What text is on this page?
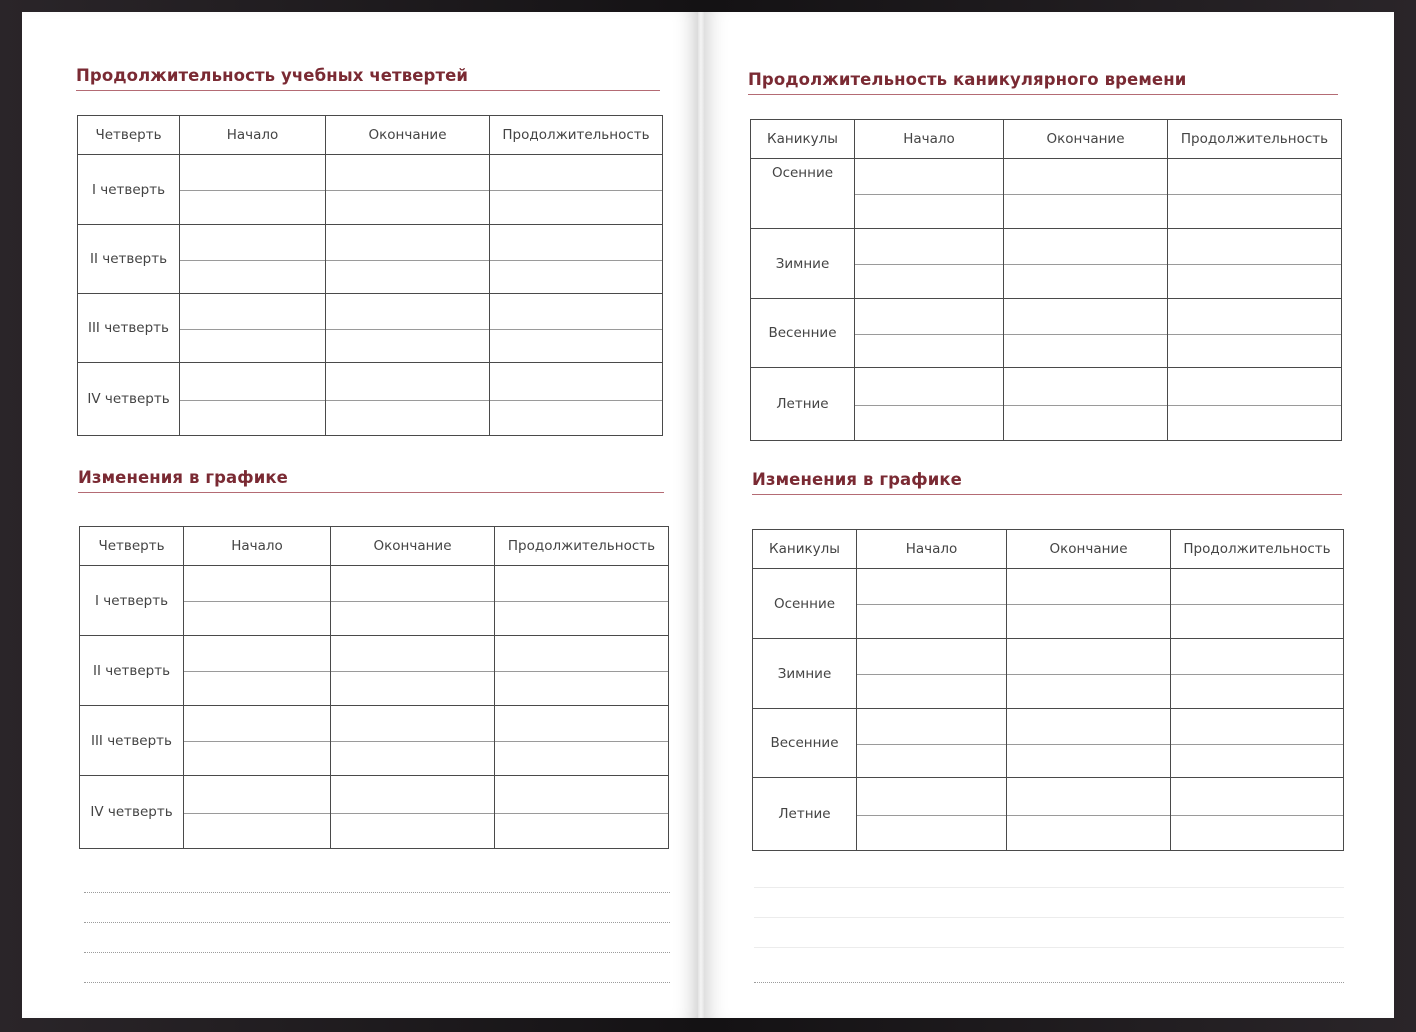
Продолжительность учебных четвертей
Четверть	Начало	Окончание	Продолжительность
I четверть			
II четверть			
III четверть			
IV четверть			
Изменения в графике
Четверть	Начало	Окончание	Продолжительность
I четверть			
II четверть			
III четверть			
IV четверть			
Продолжительность каникулярного времени
Каникулы	Начало	Окончание	Продолжительность
Осенние			
Зимние			
Весенние			
Летние			
Изменения в графике
Каникулы	Начало	Окончание	Продолжительность
Осенние			
Зимние			
Весенние			
Летние			
